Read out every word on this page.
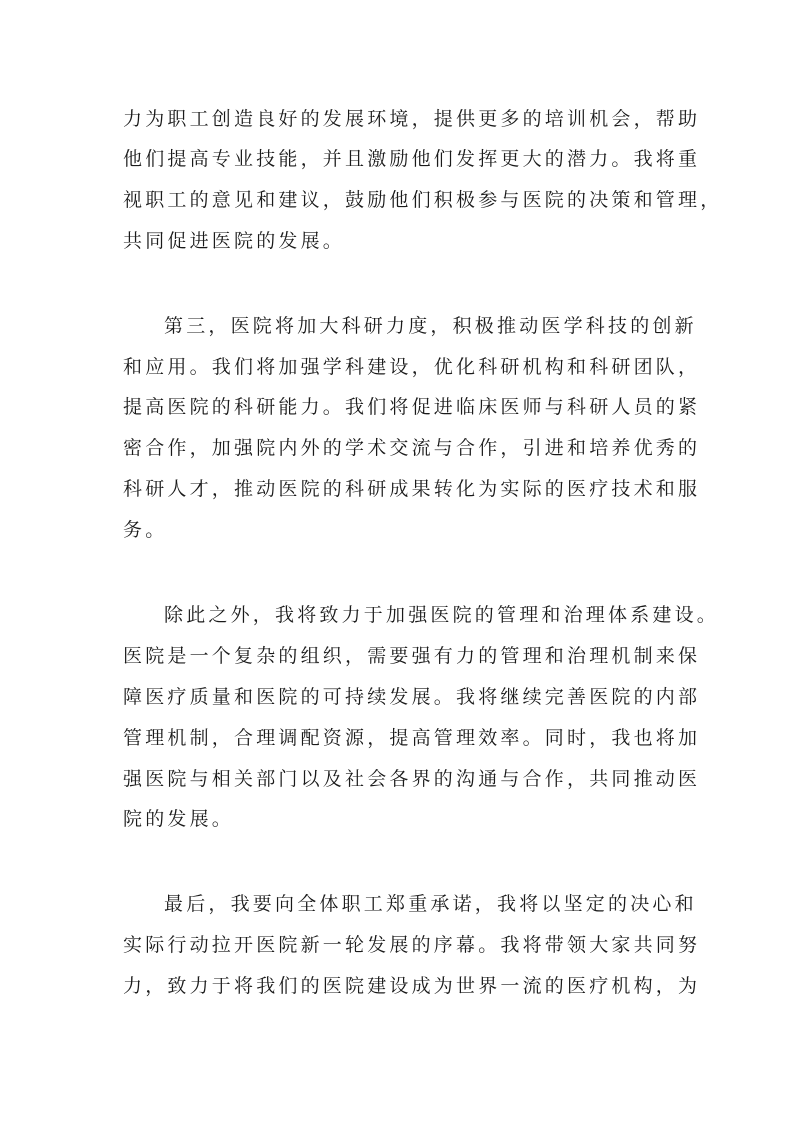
力为职工创造良好的发展环境，提供更多的培训机会，帮助

他们提高专业技能，并且激励他们发挥更大的潜力。我将重

视职工的意见和建议，鼓励他们积极参与医院的决策和管理，

共同促进医院的发展。

第三，医院将加大科研力度，积极推动医学科技的创新

和应用。我们将加强学科建设，优化科研机构和科研团队，

提高医院的科研能力。我们将促进临床医师与科研人员的紧

密合作，加强院内外的学术交流与合作，引进和培养优秀的

科研人才，推动医院的科研成果转化为实际的医疗技术和服

务。

除此之外，我将致力于加强医院的管理和治理体系建设。

医院是一个复杂的组织，需要强有力的管理和治理机制来保

障医疗质量和医院的可持续发展。我将继续完善医院的内部

管理机制，合理调配资源，提高管理效率。同时，我也将加

强医院与相关部门以及社会各界的沟通与合作，共同推动医

院的发展。

最后，我要向全体职工郑重承诺，我将以坚定的决心和

实际行动拉开医院新一轮发展的序幕。我将带领大家共同努

力，致力于将我们的医院建设成为世界一流的医疗机构，为
